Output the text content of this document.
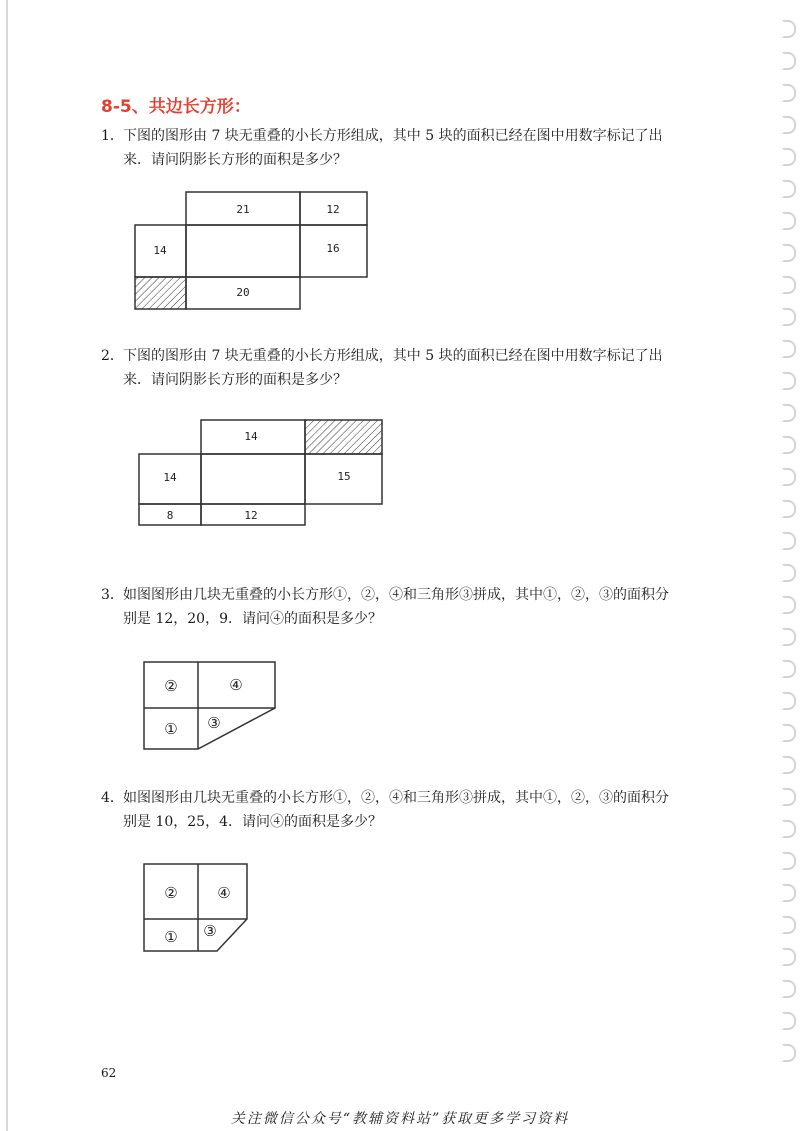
8-5、共边长方形：
1．下图的图形由 7 块无重叠的小长方形组成，其中 5 块的面积已经在图中用数字标记了出
来．请问阴影长方形的面积是多少？
21	12
14	16
20
2．下图的图形由 7 块无重叠的小长方形组成，其中 5 块的面积已经在图中用数字标记了出
来．请问阴影长方形的面积是多少？
14
14	15
8	12
3．如图图形由几块无重叠的小长方形①，②，④和三角形③拼成，其中①，②，③的面积分
别是 12，20，9．请问④的面积是多少？
②	④
① ③
4．如图图形由几块无重叠的小长方形①，②，④和三角形③拼成，其中①，②，③的面积分
别是 10，25，4．请问④的面积是多少？
②	④
① ③
62
关注微信公众号“教辅资料站”获取更多学习资料
